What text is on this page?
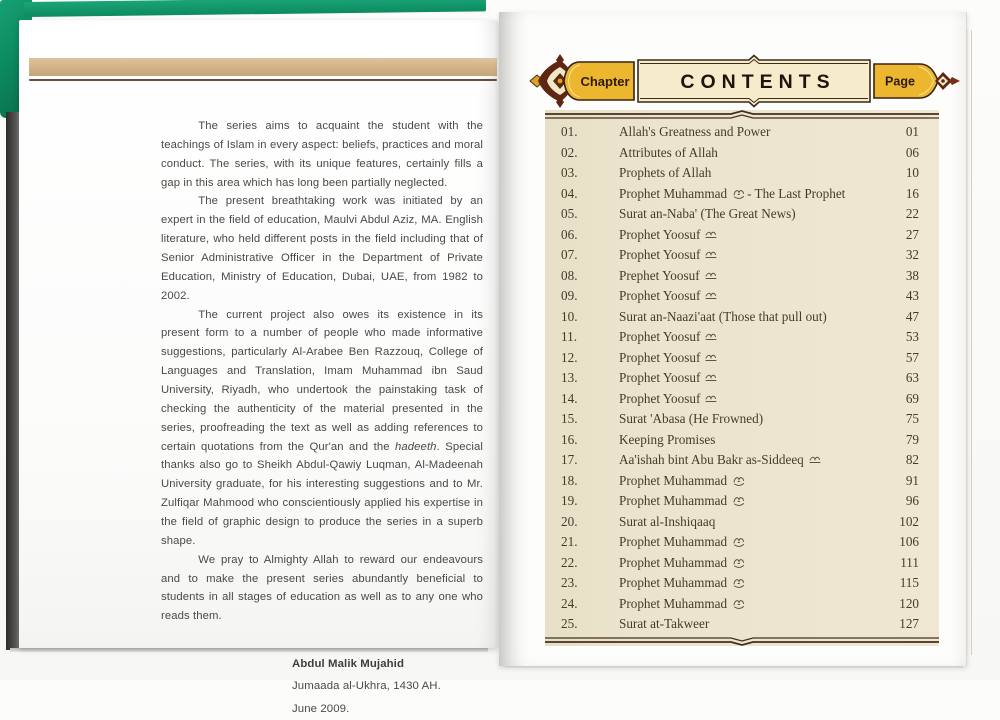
The series aims to acquaint the student with the teachings of Islam in every aspect: beliefs, practices and moral conduct. The series, with its unique features, certainly fills a gap in this area which has long been partially neglected.

The present breathtaking work was initiated by an expert in the field of education, Maulvi Abdul Aziz, MA. English literature, who held different posts in the field including that of Senior Administrative Officer in the Department of Private Education, Ministry of Education, Dubai, UAE, from 1982 to 2002.

The current project also owes its existence in its present form to a number of people who made informative suggestions, particularly Al-Arabee Ben Razzouq, College of Languages and Translation, Imam Muhammad ibn Saud University, Riyadh, who undertook the painstaking task of checking the authenticity of the material presented in the series, proofreading the text as well as adding references to certain quotations from the Qur'an and the hadeeth. Special thanks also go to Sheikh Abdul-Qawiy Luqman, Al-Madeenah University graduate, for his interesting suggestions and to Mr. Zulfiqar Mahmood who conscientiously applied his expertise in the field of graphic design to produce the series in a superb shape.

We pray to Almighty Allah to reward our endeavours and to make the present series abundantly beneficial to students in all stages of education as well as to any one who reads them.

Abdul Malik Mujahid
Jumaada al-Ukhra, 1430 AH.
June 2009.
Chapter	CONTENTS	Page
01.	Allah's Greatness and Power	01
02.	Attributes of Allah	06
03.	Prophets of Allah	10
04.	Prophet Muhammad - The Last Prophet	16
05.	Surat an-Naba' (The Great News)	22
06.	Prophet Yoosuf	27
07.	Prophet Yoosuf	32
08.	Prephet Yoosuf	38
09.	Prophet Yoosuf	43
10.	Surat an-Naazi'aat (Those that pull out)	47
11.	Prophet Yoosuf	53
12.	Prophet Yoosuf	57
13.	Prophet Yoosuf	63
14.	Prophet Yoosuf	69
15.	Surat 'Abasa (He Frowned)	75
16.	Keeping Promises	79
17.	Aa'ishah bint Abu Bakr as-Siddeeq	82
18.	Prophet Muhammad	91
19.	Prophet Muhammad	96
20.	Surat al-Inshiqaaq	102
21.	Prophet Muhammad	106
22.	Prophet Muhammad	111
23.	Prophet Muhammad	115
24.	Prophet Muhammad	120
25.	Surat at-Takweer	127
